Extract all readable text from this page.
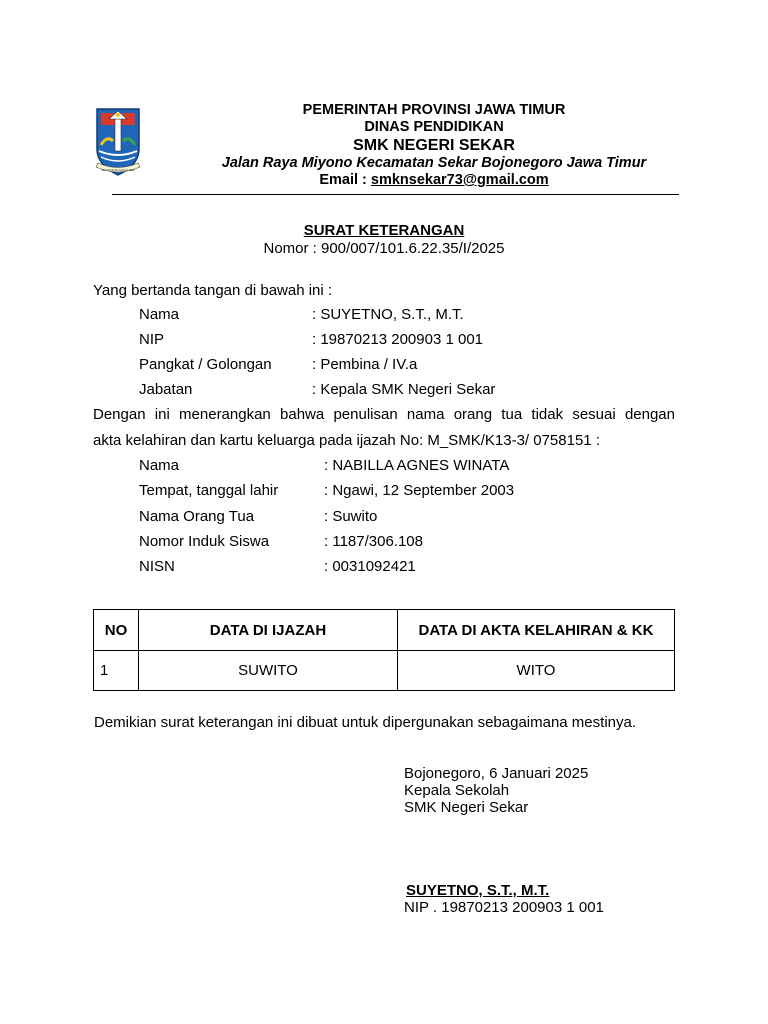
JER BASUKI MAWA BEA
PEMERINTAH PROVINSI JAWA TIMUR
DINAS PENDIDIKAN
SMK NEGERI SEKAR
Jalan Raya Miyono Kecamatan Sekar Bojonegoro Jawa Timur
Email : smknsekar73@gmail.com
SURAT KETERANGAN
Nomor : 900/007/101.6.22.35/I/2025
Yang bertanda tangan di bawah ini :
Nama	: SUYETNO, S.T., M.T.
NIP	: 19870213 200903 1 001
Pangkat / Golongan	: Pembina / IV.a
Jabatan	: Kepala SMK Negeri Sekar
Dengan ini menerangkan bahwa penulisan nama orang tua tidak sesuai dengan
akta kelahiran dan kartu keluarga pada ijazah No: M_SMK/K13-3/ 0758151 :
Nama	: NABILLA AGNES WINATA
Tempat, tanggal lahir	: Ngawi, 12 September 2003
Nama Orang Tua	: Suwito
Nomor Induk Siswa	: 1187/306.108
NISN	: 0031092421
NO	DATA DI IJAZAH	DATA DI AKTA KELAHIRAN & KK
1	SUWITO	WITO
Demikian surat keterangan ini dibuat untuk dipergunakan sebagaimana mestinya.
Bojonegoro, 6 Januari 2025
Kepala Sekolah
SMK Negeri Sekar
SUYETNO, S.T., M.T.
NIP . 19870213 200903 1 001
